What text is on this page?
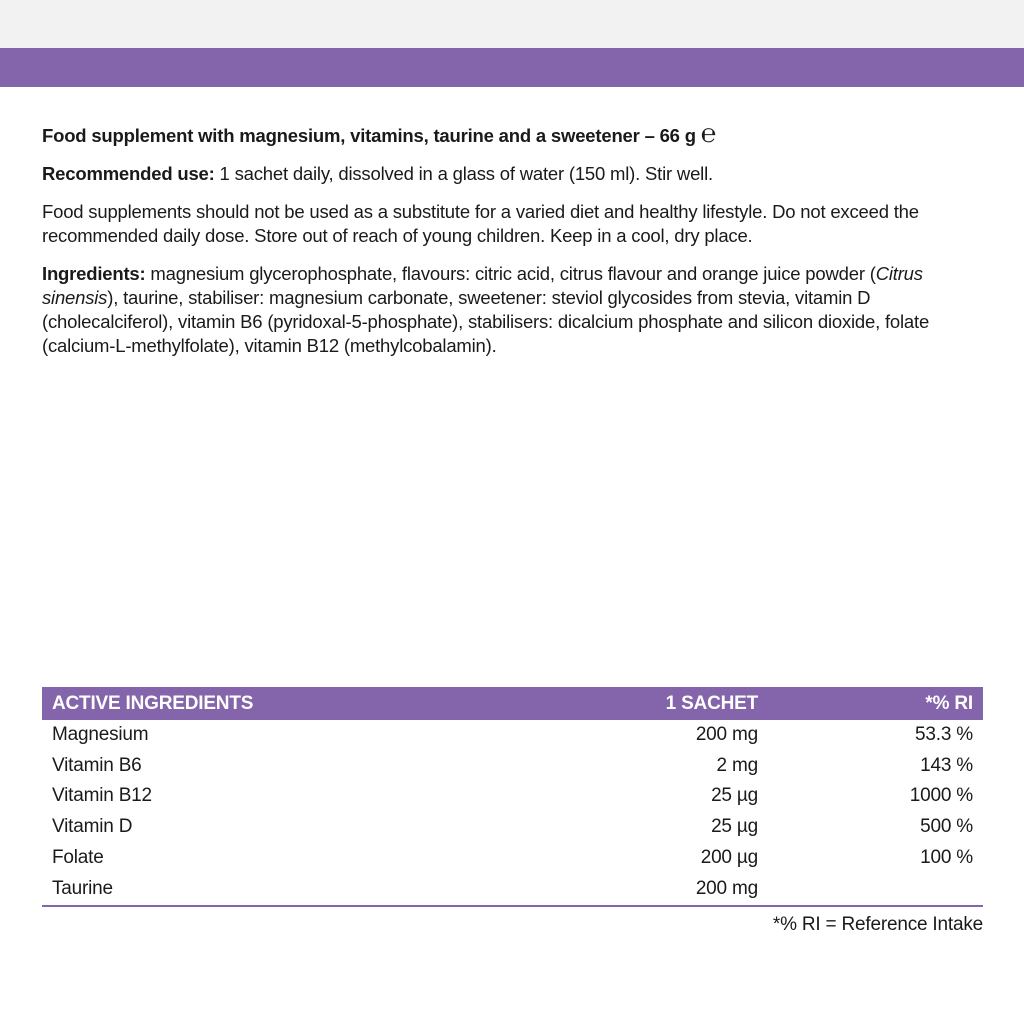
Food supplement with magnesium, vitamins, taurine and a sweetener – 66 g ℮

Recommended use: 1 sachet daily, dissolved in a glass of water (150 ml). Stir well.

Food supplements should not be used as a substitute for a varied diet and healthy lifestyle. Do not exceed the recommended daily dose. Store out of reach of young children. Keep in a cool, dry place.

Ingredients: magnesium glycerophosphate, flavours: citric acid, citrus flavour and orange juice powder (Citrus sinensis), taurine, stabiliser: magnesium carbonate, sweetener: steviol glycosides from stevia, vitamin D (cholecalciferol), vitamin B6 (pyridoxal-5-phosphate), stabilisers: dicalcium phosphate and silicon dioxide, folate (calcium-L-methylfolate), vitamin B12 (methylcobalamin).

ACTIVE INGREDIENTS	1 SACHET	*% RI
Magnesium	200 mg	53.3 %
Vitamin B6	2 mg	143 %
Vitamin B12	25 µg	1000 %
Vitamin D	25 µg	500 %
Folate	200 µg	100 %
Taurine	200 mg	
*% RI = Reference Intake
